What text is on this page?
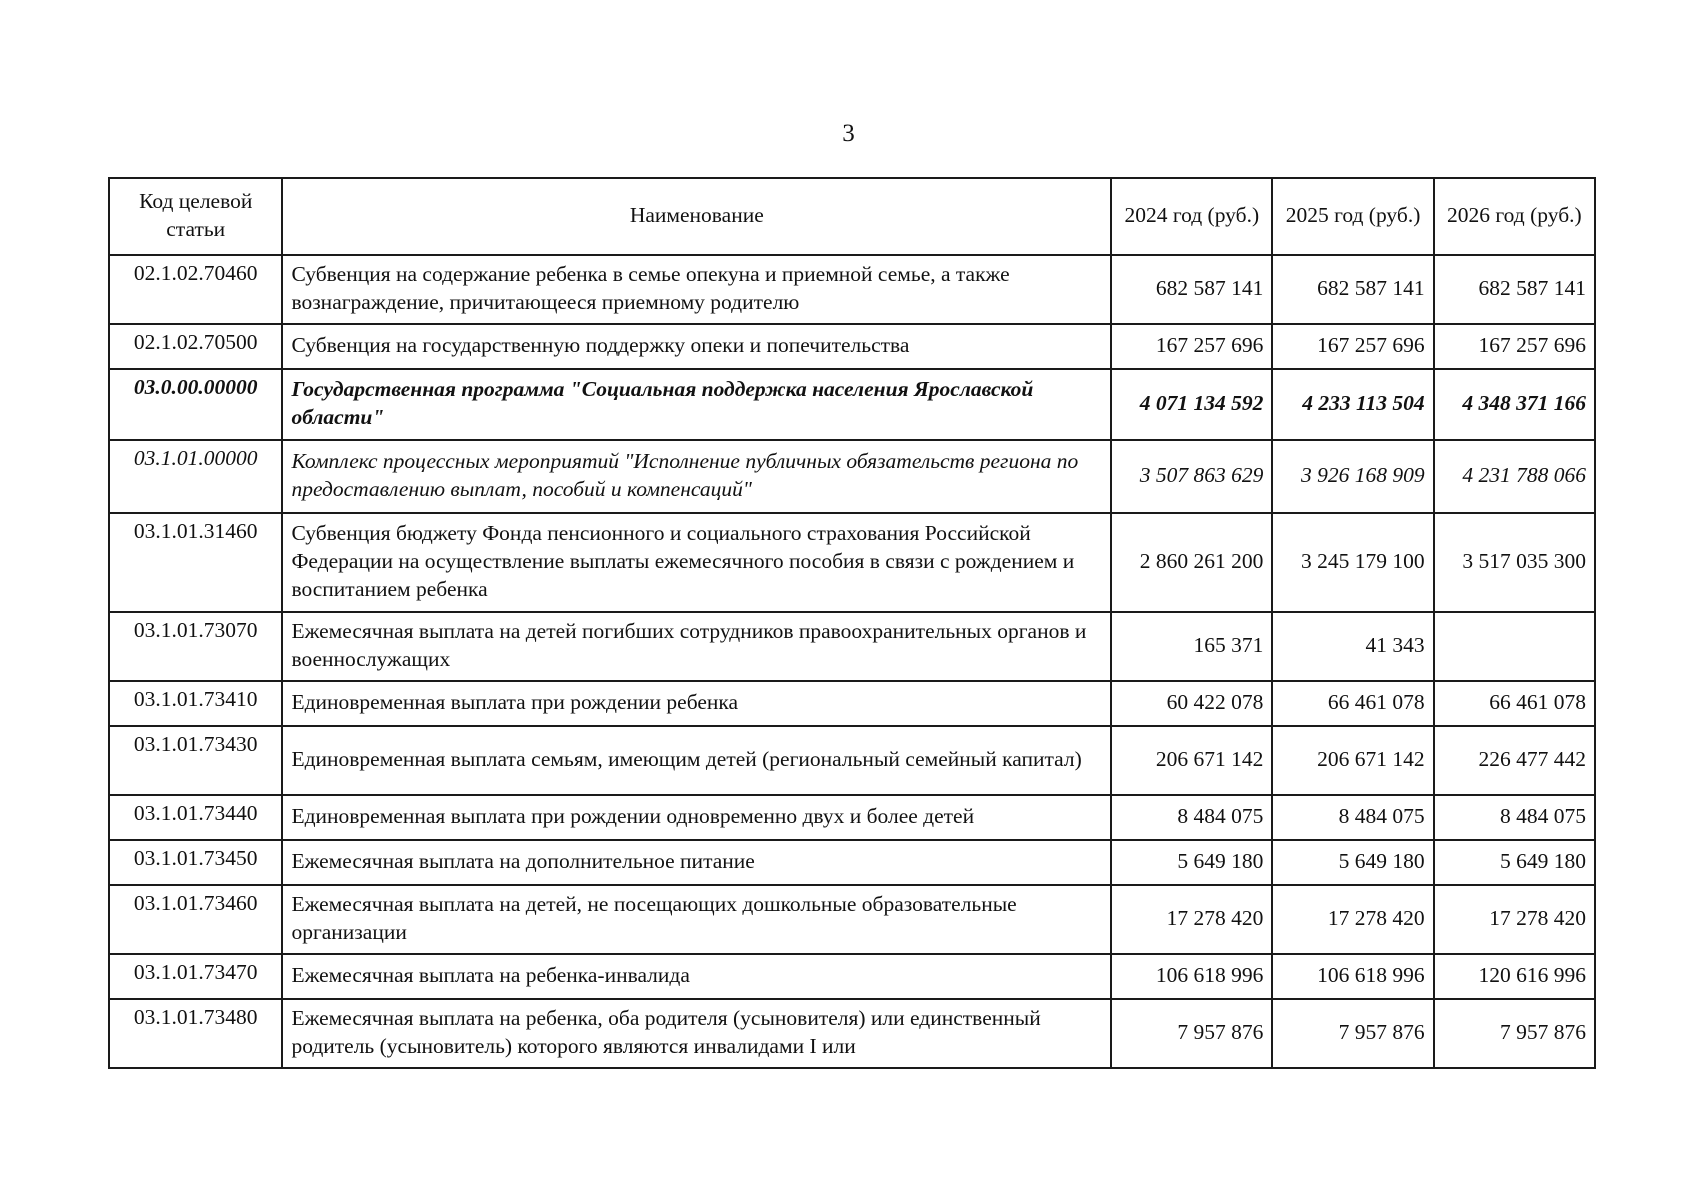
3
Код целевой статьи	Наименование	2024 год (руб.)	2025 год (руб.)	2026 год (руб.)
02.1.02.70460	Субвенция на содержание ребенка в семье опекуна и приемной семье, а также вознаграждение, причитающееся приемному родителю	682 587 141	682 587 141	682 587 141
02.1.02.70500	Субвенция на государственную поддержку опеки и попечительства	167 257 696	167 257 696	167 257 696
03.0.00.00000	Государственная программа "Социальная поддержка населения Ярославской области"	4 071 134 592	4 233 113 504	4 348 371 166
03.1.01.00000	Комплекс процессных мероприятий "Исполнение публичных обязательств региона по предоставлению выплат, пособий и компенсаций"	3 507 863 629	3 926 168 909	4 231 788 066
03.1.01.31460	Субвенция бюджету Фонда пенсионного и социального страхования Российской Федерации на осуществление выплаты ежемесячного пособия в связи с рождением и воспитанием ребенка	2 860 261 200	3 245 179 100	3 517 035 300
03.1.01.73070	Ежемесячная выплата на детей погибших сотрудников правоохранительных органов и военнослужащих	165 371	41 343	
03.1.01.73410	Единовременная выплата при рождении ребенка	60 422 078	66 461 078	66 461 078
03.1.01.73430	Единовременная выплата семьям, имеющим детей (региональный семейный капитал)	206 671 142	206 671 142	226 477 442
03.1.01.73440	Единовременная выплата при рождении одновременно двух и более детей	8 484 075	8 484 075	8 484 075
03.1.01.73450	Ежемесячная выплата на дополнительное питание	5 649 180	5 649 180	5 649 180
03.1.01.73460	Ежемесячная выплата на детей, не посещающих дошкольные образовательные организации	17 278 420	17 278 420	17 278 420
03.1.01.73470	Ежемесячная выплата на ребенка-инвалида	106 618 996	106 618 996	120 616 996
03.1.01.73480	Ежемесячная выплата на ребенка, оба родителя (усыновителя) или единственный родитель (усыновитель) которого являются инвалидами I или	7 957 876	7 957 876	7 957 876
